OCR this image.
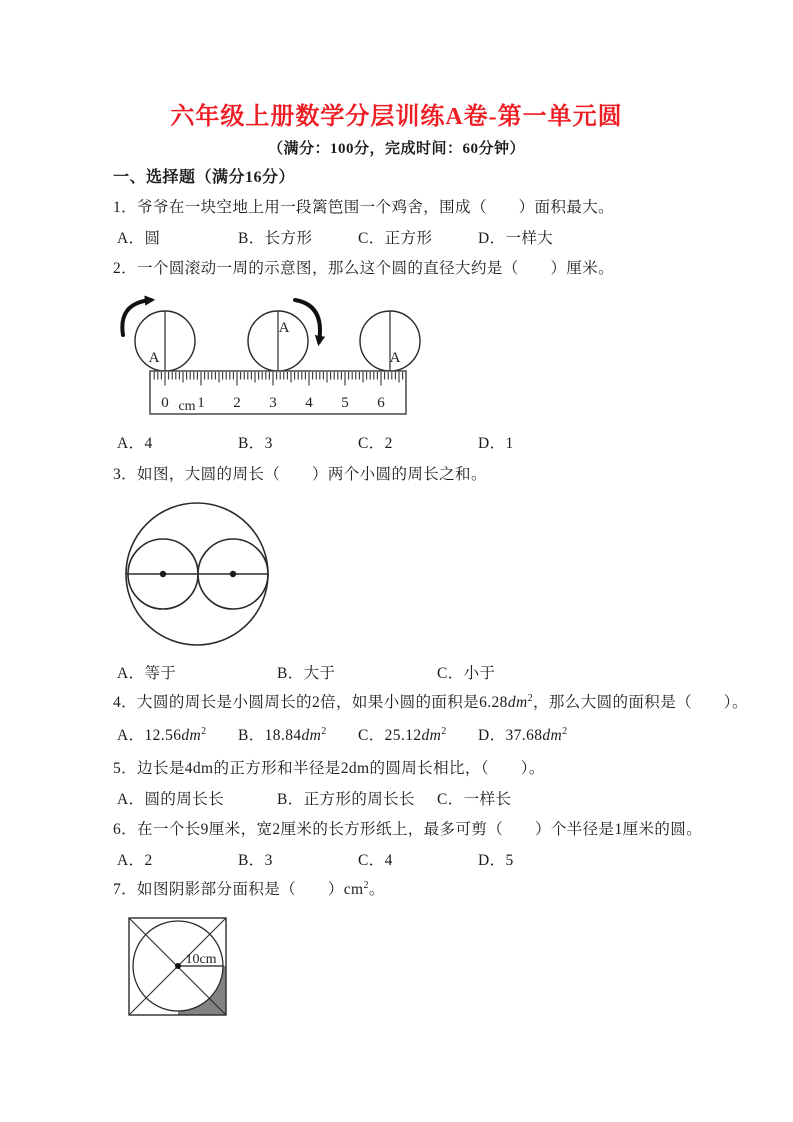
六年级上册数学分层训练A卷-第一单元圆
（满分：100分，完成时间：60分钟）
一、选择题（满分16分）
1．爷爷在一块空地上用一段篱笆围一个鸡舍，围成（　　）面积最大。
A．圆	B．长方形	C．正方形	D．一样大
2．一个圆滚动一周的示意图，那么这个圆的直径大约是（　　）厘米。
A
A
A
0 cm 1 2 3 4 5 6
A．4	B．3	C．2	D．1
3．如图，大圆的周长（　　）两个小圆的周长之和。
A．等于	B．大于	C．小于
4．大圆的周长是小圆周长的2倍，如果小圆的面积是$6.28dm^2$，那么大圆的面积是（　　）。
A．$12.56dm^2$ B．$18.84dm^2$ C．$25.12dm^2$ D．$37.68dm^2$
5．边长是4dm的正方形和半径是2dm的圆周长相比，（　　）。
A．圆的周长长	B．正方形的周长长 C．一样长
6．在一个长9厘米，宽2厘米的长方形纸上，最多可剪（　　）个半径是1厘米的圆。
A．2	B．3	C．4	D．5
7．如图阴影部分面积是（　　）$cm^2$。
10cm
